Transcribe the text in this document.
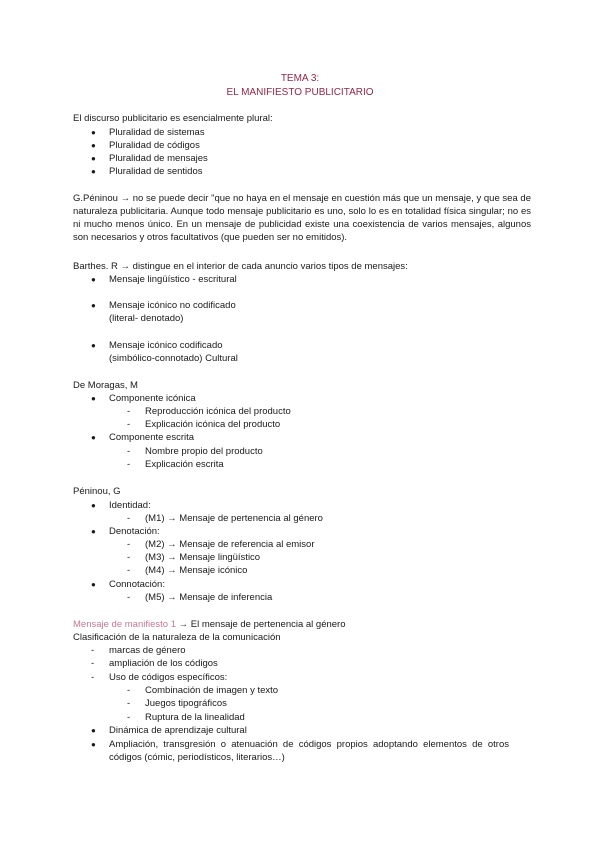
TEMA 3:
EL MANIFIESTO PUBLICITARIO
El discurso publicitario es esencialmente plural:
● Pluralidad de sistemas
● Pluralidad de códigos
● Pluralidad de mensajes
● Pluralidad de sentidos
G.Péninou → no se puede decir "que no haya en el mensaje en cuestión más que un mensaje, y que sea de naturaleza publicitaria. Aunque todo mensaje publicitario es uno, solo lo es en totalidad física singular; no es ni mucho menos único. En un mensaje de publicidad existe una coexistencia de varios mensajes, algunos son necesarios y otros facultativos (que pueden ser no emitidos).
Barthes. R → distingue en el interior de cada anuncio varios tipos de mensajes:
● Mensaje lingüístico - escritural
● Mensaje icónico no codificado
(literal- denotado)
● Mensaje icónico codificado
(simbólico-connotado) Cultural
De Moragas, M
● Componente icónica
- Reproducción icónica del producto
- Explicación icónica del producto
● Componente escrita
- Nombre propio del producto
- Explicación escrita
Péninou, G
● Identidad:
- (M1) → Mensaje de pertenencia al género
● Denotación:
- (M2) → Mensaje de referencia al emisor
- (M3) → Mensaje lingüístico
- (M4) → Mensaje icónico
● Connotación:
- (M5) → Mensaje de inferencia
Mensaje de manifiesto 1 → El mensaje de pertenencia al género
Clasificación de la naturaleza de la comunicación
- marcas de género
- ampliación de los códigos
- Uso de códigos específicos:
- Combinación de imagen y texto
- Juegos tipográficos
- Ruptura de la linealidad
● Dinámica de aprendizaje cultural
● Ampliación, transgresión o atenuación de códigos propios adoptando elementos de otros códigos (cómic, periodísticos, literarios…)
